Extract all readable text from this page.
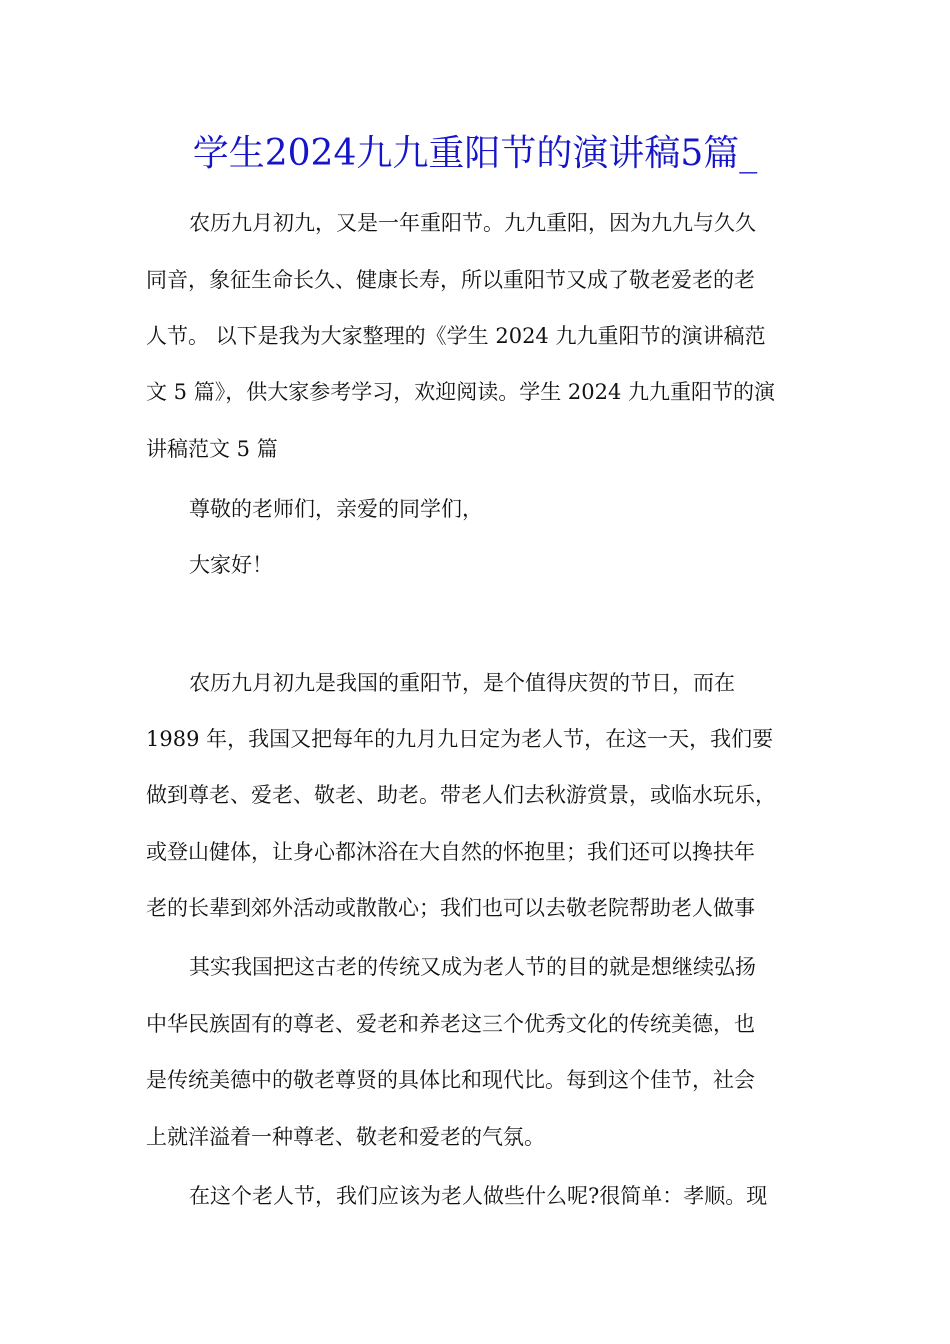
学生2024九九重阳节的演讲稿5篇_
农历九月初九，又是一年重阳节。九九重阳，因为九九与久久
同音，象征生命长久、健康长寿，所以重阳节又成了敬老爱老的老
人节。 以下是我为大家整理的《学生 2024 九九重阳节的演讲稿范
文 5 篇》，供大家参考学习，欢迎阅读。学生 2024 九九重阳节的演
讲稿范文 5 篇
尊敬的老师们，亲爱的同学们，
大家好！
农历九月初九是我国的重阳节，是个值得庆贺的节日，而在
1989 年，我国又把每年的九月九日定为老人节，在这一天，我们要
做到尊老、爱老、敬老、助老。带老人们去秋游赏景，或临水玩乐，
或登山健体，让身心都沐浴在大自然的怀抱里；我们还可以搀扶年
老的长辈到郊外活动或散散心；我们也可以去敬老院帮助老人做事
其实我国把这古老的传统又成为老人节的目的就是想继续弘扬
中华民族固有的尊老、爱老和养老这三个优秀文化的传统美德，也
是传统美德中的敬老尊贤的具体比和现代比。每到这个佳节，社会
上就洋溢着一种尊老、敬老和爱老的气氛。
在这个老人节，我们应该为老人做些什么呢?很简单：孝顺。现
